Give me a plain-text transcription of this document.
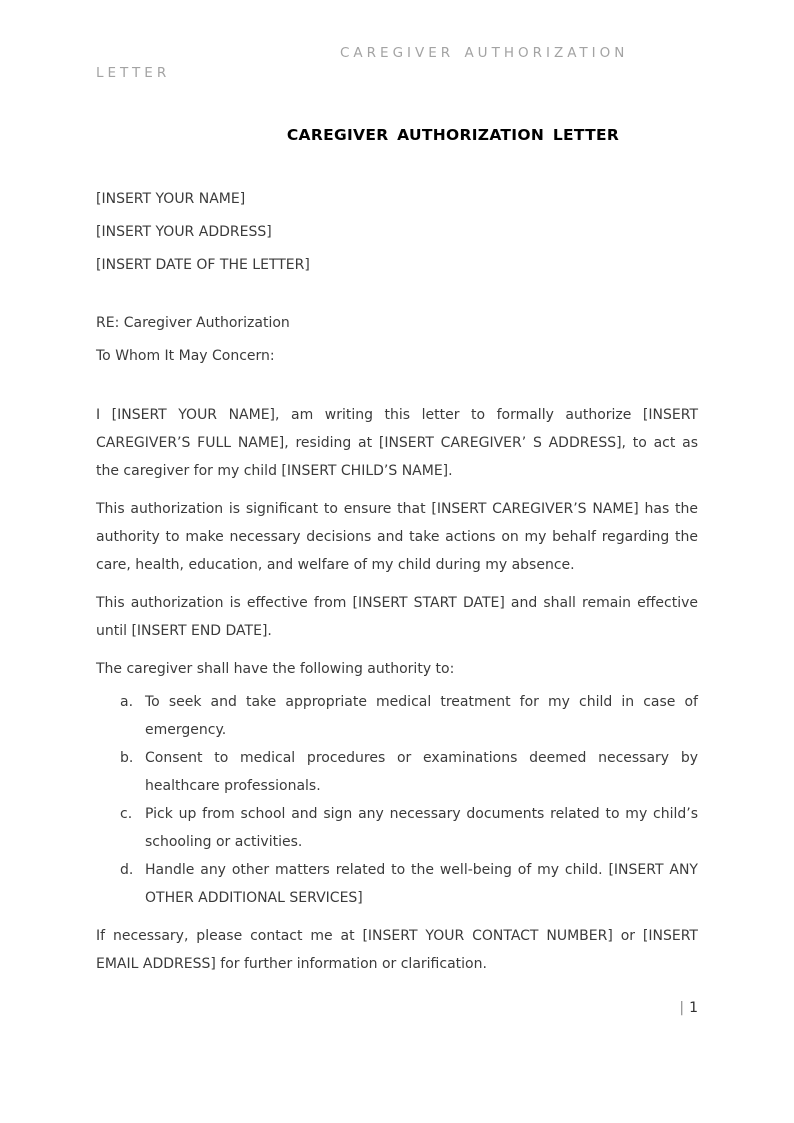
CAREGIVER AUTHORIZATION LETTER
CAREGIVER AUTHORIZATION LETTER

[INSERT YOUR NAME]

[INSERT YOUR ADDRESS]

[INSERT DATE OF THE LETTER]

RE: Caregiver Authorization

To Whom It May Concern:

I [INSERT YOUR NAME], am writing this letter to formally authorize [INSERT CAREGIVER’S FULL NAME], residing at [INSERT CAREGIVER’ S ADDRESS], to act as the caregiver for my child [INSERT CHILD’S NAME].

This authorization is significant to ensure that [INSERT CAREGIVER’S NAME] has the authority to make necessary decisions and take actions on my behalf regarding the care, health, education, and welfare of my child during my absence.

This authorization is effective from [INSERT START DATE] and shall remain effective until [INSERT END DATE].

The caregiver shall have the following authority to:

a. To seek and take appropriate medical treatment for my child in case of emergency.
b. Consent to medical procedures or examinations deemed necessary by healthcare professionals.
c. Pick up from school and sign any necessary documents related to my child’s schooling or activities.
d. Handle any other matters related to the well-being of my child. [INSERT ANY OTHER ADDITIONAL SERVICES]

If necessary, please contact me at [INSERT YOUR CONTACT NUMBER] or [INSERT EMAIL ADDRESS] for further information or clarification.

| 1
